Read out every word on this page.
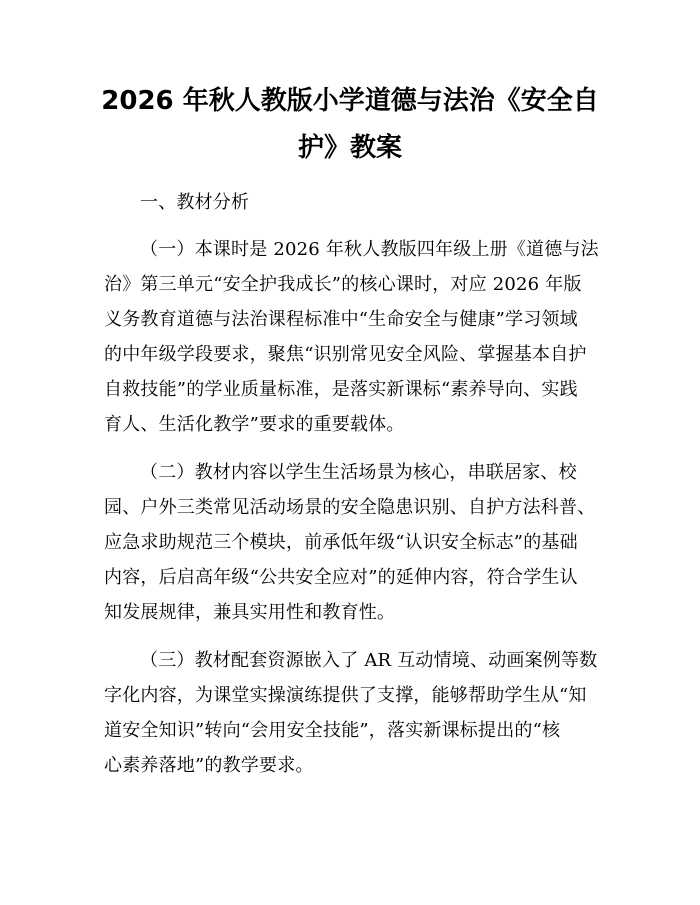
2026 年秋人教版小学道德与法治《安全自
护》教案
一、教材分析
（一）本课时是 2026 年秋人教版四年级上册《道德与法
治》第三单元“安全护我成长”的核心课时，对应 2026 年版
义务教育道德与法治课程标准中“生命安全与健康”学习领域
的中年级学段要求，聚焦“识别常见安全风险、掌握基本自护
自救技能”的学业质量标准，是落实新课标“素养导向、实践
育人、生活化教学”要求的重要载体。
（二）教材内容以学生生活场景为核心，串联居家、校
园、户外三类常见活动场景的安全隐患识别、自护方法科普、
应急求助规范三个模块，前承低年级“认识安全标志”的基础
内容，后启高年级“公共安全应对”的延伸内容，符合学生认
知发展规律，兼具实用性和教育性。
（三）教材配套资源嵌入了 AR 互动情境、动画案例等数
字化内容，为课堂实操演练提供了支撑，能够帮助学生从“知
道安全知识”转向“会用安全技能”，落实新课标提出的“核
心素养落地”的教学要求。
